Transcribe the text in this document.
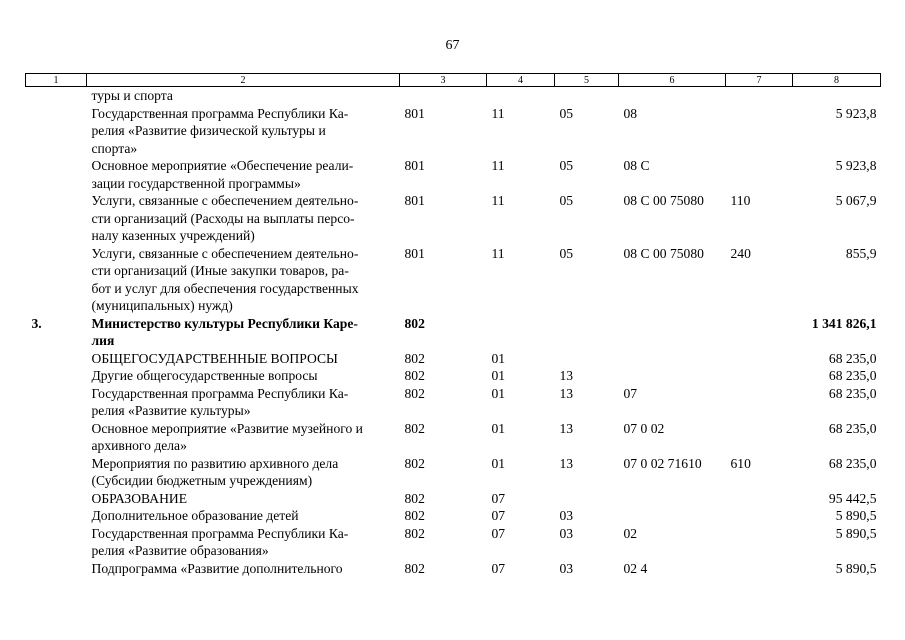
67
1	2	3	4	5	6	7	8
	туры и спорта						
	Государственная программа Республики Ка-
релия «Развитие физической культуры и
спорта»	801	11	05	08		5 923,8
	Основное мероприятие «Обеспечение реали-
зации государственной программы»	801	11	05	08 С		5 923,8
	Услуги, связанные с обеспечением деятельно-
сти организаций (Расходы на выплаты персо-
налу казенных учреждений)	801	11	05	08 С 00 75080	110	5 067,9
	Услуги, связанные с обеспечением деятельно-
сти организаций (Иные закупки товаров, ра-
бот и услуг для обеспечения государственных
(муниципальных) нужд)	801	11	05	08 С 00 75080	240	855,9
3.	Министерство культуры Республики Каре-
лия	802					1 341 826,1
	ОБЩЕГОСУДАРСТВЕННЫЕ ВОПРОСЫ	802	01				68 235,0
	Другие общегосударственные вопросы	802	01	13			68 235,0
	Государственная программа Республики Ка-
релия «Развитие культуры»	802	01	13	07		68 235,0
	Основное мероприятие «Развитие музейного и
архивного дела»	802	01	13	07 0 02		68 235,0
	Мероприятия по развитию архивного дела
(Субсидии бюджетным учреждениям)	802	01	13	07 0 02 71610	610	68 235,0
	ОБРАЗОВАНИЕ	802	07				95 442,5
	Дополнительное образование детей	802	07	03			5 890,5
	Государственная программа Республики Ка-
релия «Развитие образования»	802	07	03	02		5 890,5
	Подпрограмма «Развитие дополнительного	802	07	03	02 4		5 890,5
